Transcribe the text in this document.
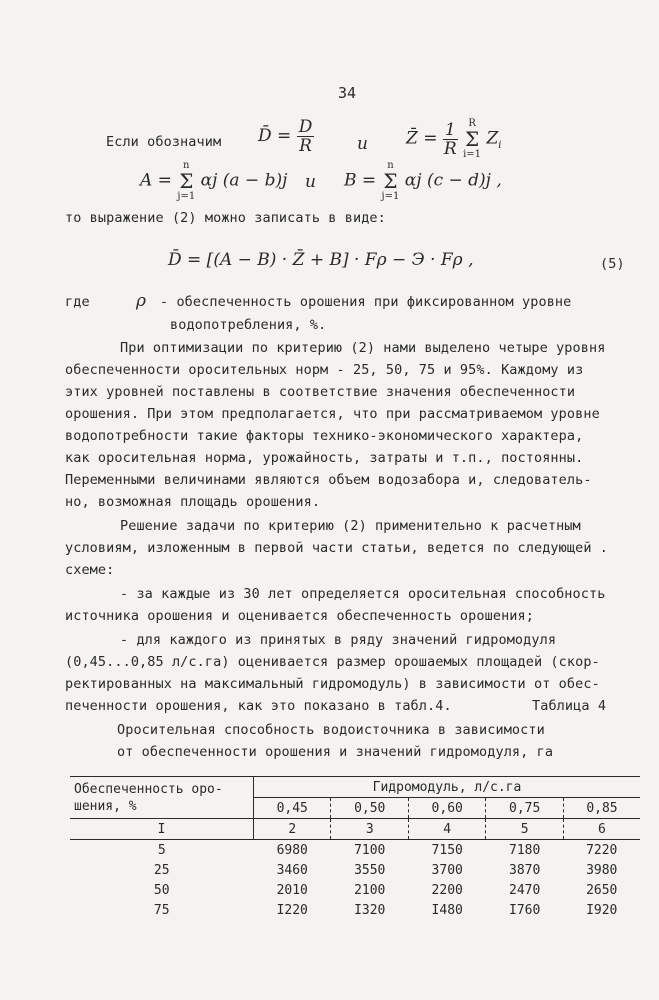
34
Если обозначим D̄ = $\frac{D}{R}$	и Z̄ = $\frac{1}{R}$ R
Σ
i=1 $Z_i$
A = n
Σ
j=1 αj (a − b)j и B = n
Σ
j=1 αj (c − d)j ,
то выражение (2) можно записать в виде:
D̄ = [(A − B) · Z̄ + B] · Fρ − Э · Fρ ,	(5)
где	ρ - обеспеченность орошения при фиксированном уровне
водопотребления, %.
При оптимизации по критерию (2) нами выделено четыре уровня
обеспеченности оросительных норм - 25, 50, 75 и 95%. Каждому из
этих уровней поставлены в соответствие значения обеспеченности
орошения. При этом предполагается, что при рассматриваемом уровне
водопотребности такие факторы технико-экономического характера,
как оросительная норма, урожайность, затраты и т.п., постоянны.
Переменными величинами являются объем водозабора и, следователь-
но, возможная площадь орошения.
Решение задачи по критерию (2) применительно к расчетным
условиям, изложенным в первой части статьи, ведется по следующей .
схеме:
- за каждые из 30 лет определяется оросительная способность
источника орошения и оценивается обеспеченность орошения;
- для каждого из принятых в ряду значений гидромодуля
(0,45...0,85 л/с.га) оценивается размер орошаемых площадей (скор-
ректированных на максимальный гидромодуль) в зависимости от обес-
печенности орошения, как это показано в табл.4.	Таблица 4
Оросительная способность водоисточника в зависимости
от обеспеченности орошения и значений гидромодуля, га
Обеспеченность оро-
шения, %	Гидромодуль, л/с.га				
	0,45	0,50	0,60	0,75	0,85
I	2	3	4	5	6
5	6980	7100	7150	7180	7220
25	3460	3550	3700	3870	3980
50	2010	2100	2200	2470	2650
75	I220	I320	I480	I760	I920
